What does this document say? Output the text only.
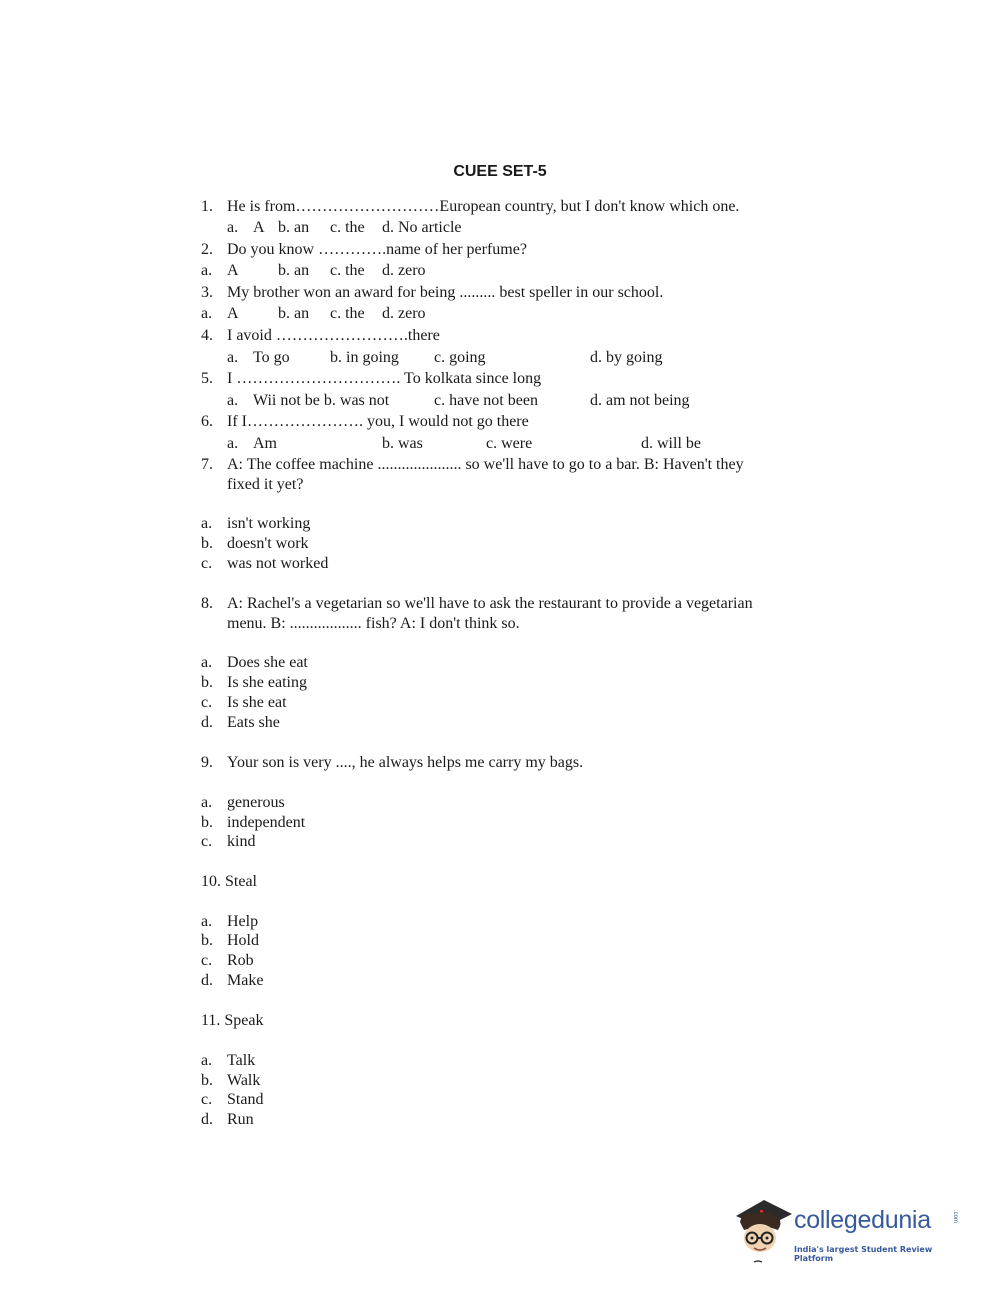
CUEE SET-5
1. He is from………………………European country, but I don't know which one.
a. A b. an c. the d. No article
2. Do you know ………….name of her perfume?
a. A b. an c. the d. zero
3. My brother won an award for being ......... best speller in our school.
a. A b. an c. the d. zero
4. I avoid …………………….there
a. To go	b. in going c. going	d. by going
5. I …………………………. To kolkata since long
a. Wii not be b. was not	c. have not been	d. am not being
6. If I…………………. you, I would not go there
a. Am	b. was	c. were	d. will be
7. A: The coffee machine ..................... so we'll have to go to a bar. B: Haven't they
fixed it yet?
a. isn't working
b. doesn't work
c. was not worked
8. A: Rachel's a vegetarian so we'll have to ask the restaurant to provide a vegetarian
menu. B: .................. fish? A: I don't think so.
a. Does she eat
b. Is she eating
c. Is she eat
d. Eats she
9. Your son is very ...., he always helps me carry my bags.
a. generous
b. independent
c. kind
10. Steal
a. Help
b. Hold
c. Rob
d. Make
11. Speak
a. Talk
b. Walk
c. Stand
d. Run
collegedunia	.com
India's largest Student Review Platform
